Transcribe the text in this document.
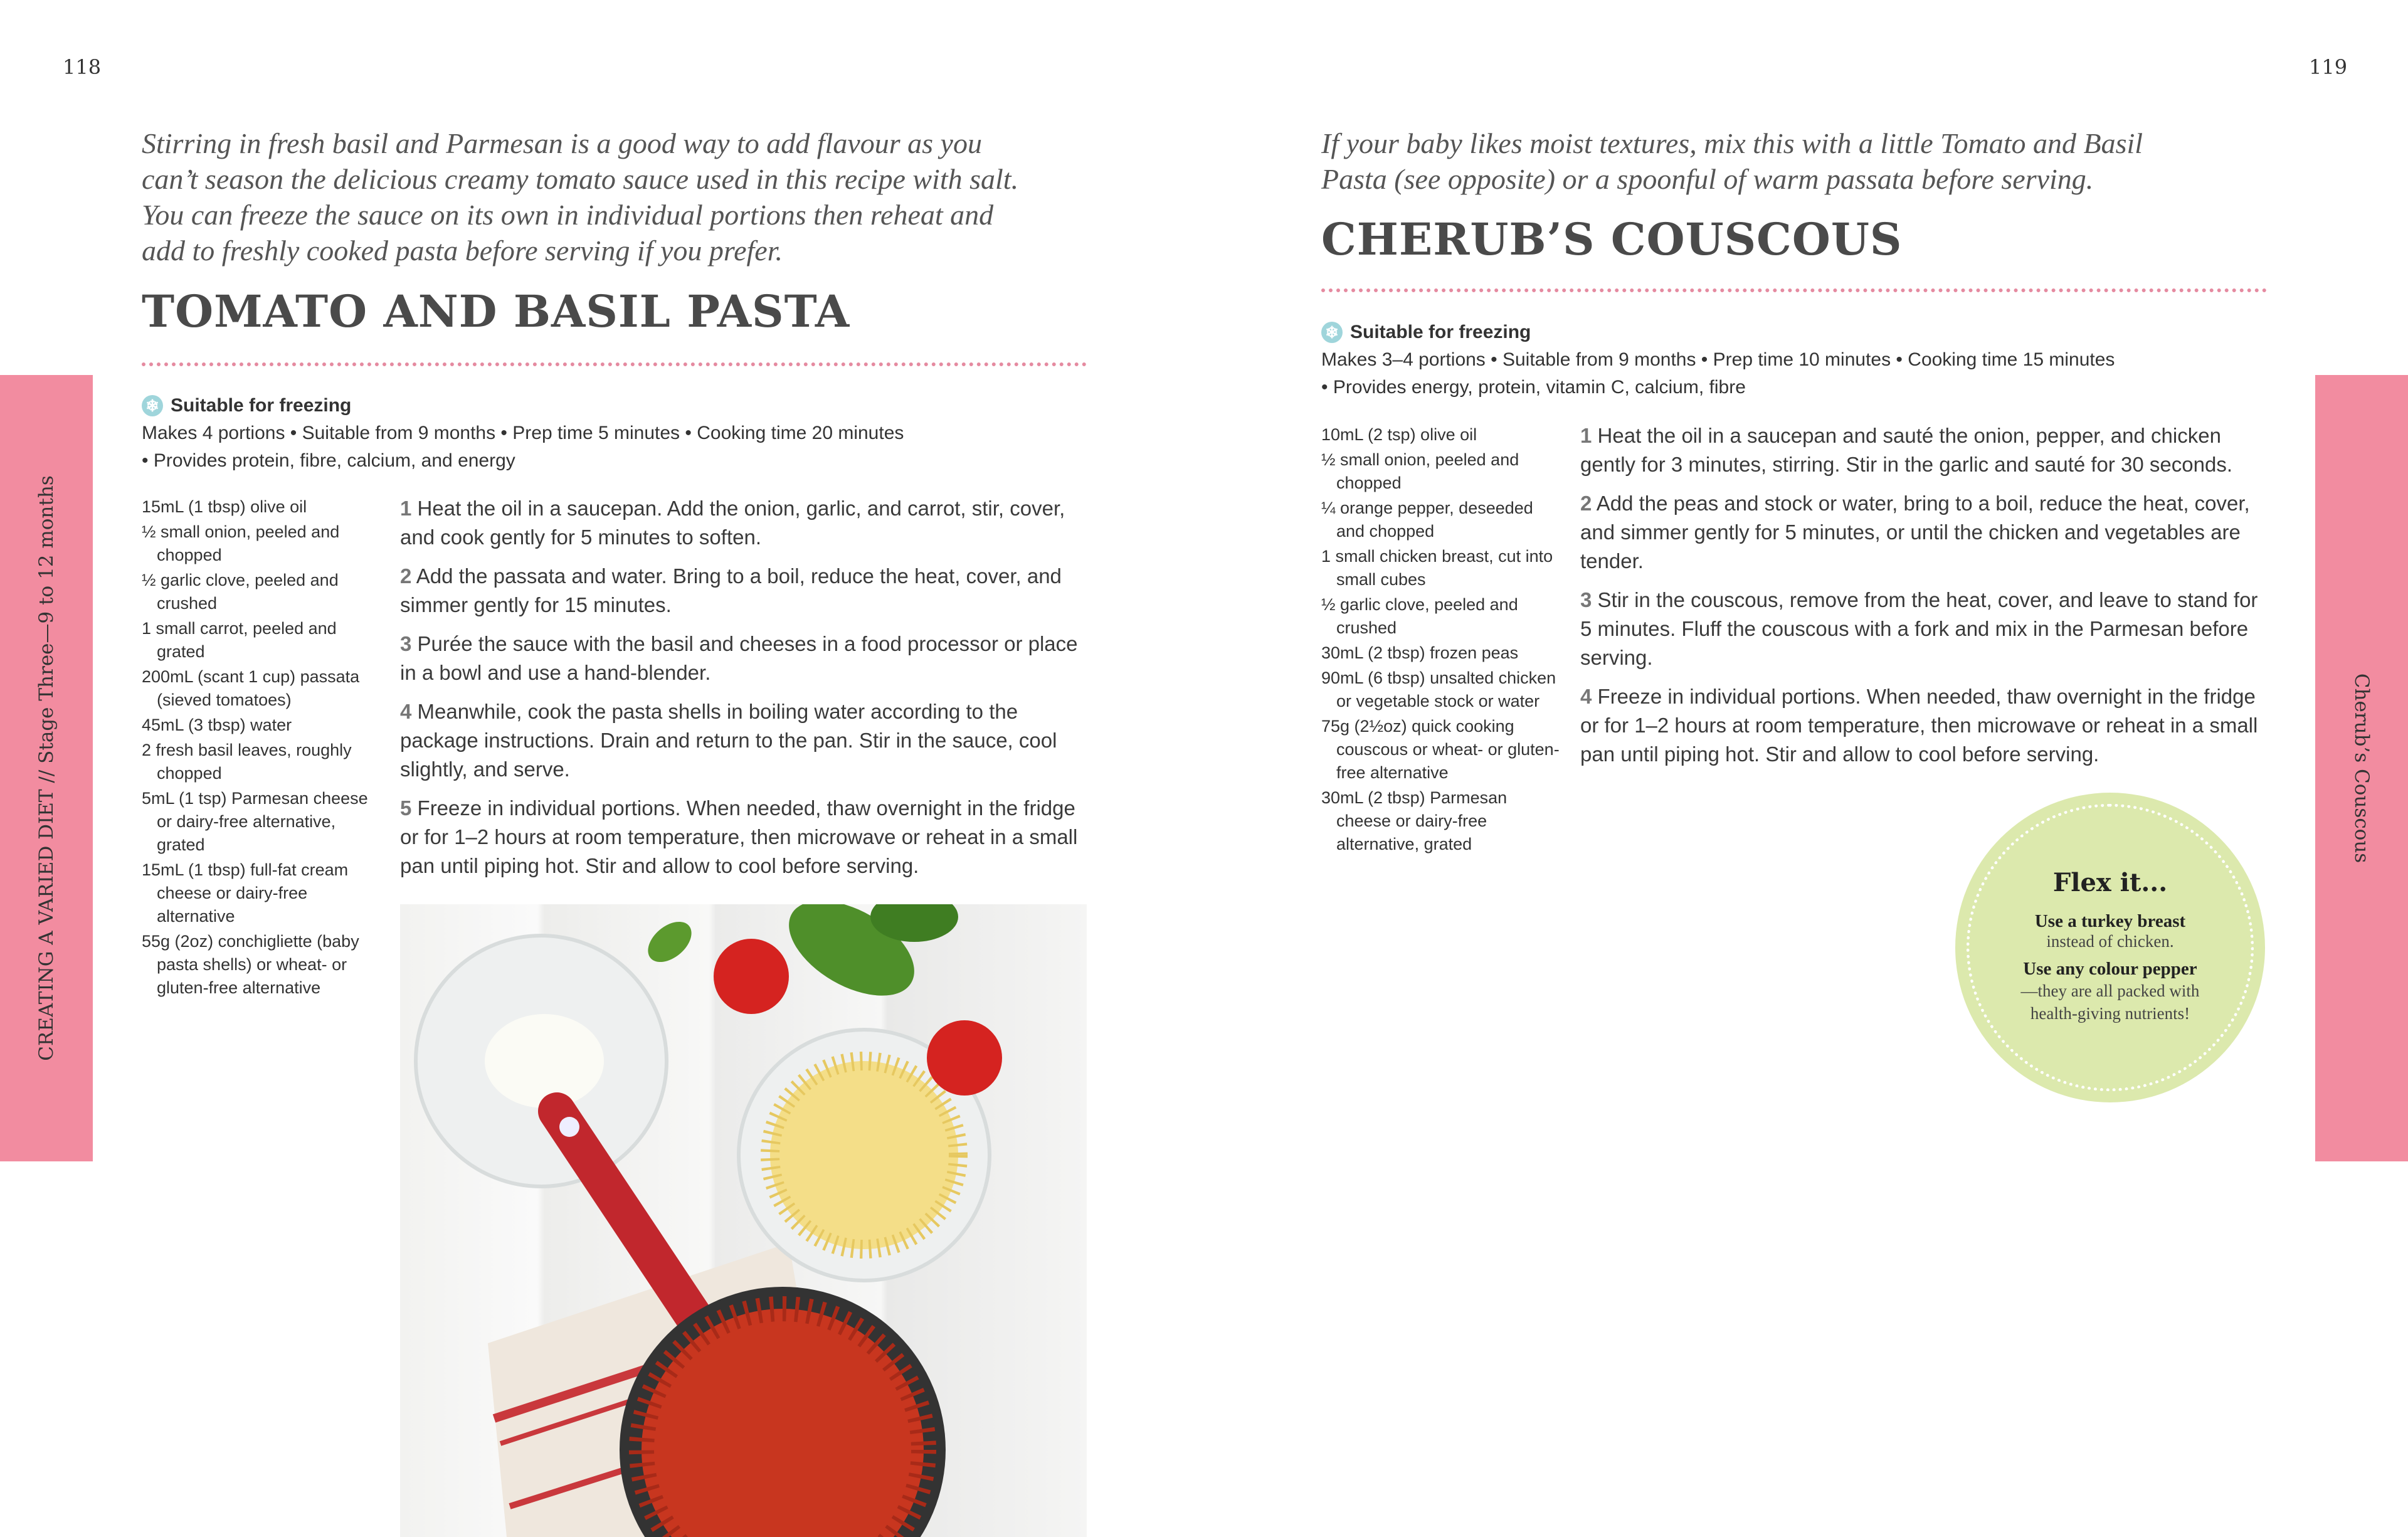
118
Stirring in fresh basil and Parmesan is a good way to add flavour as you can’t season the delicious creamy tomato sauce used in this recipe with salt. You can freeze the sauce on its own in individual portions then reheat and add to freshly cooked pasta before serving if you prefer.
TOMATO AND BASIL PASTA
❄ Suitable for freezing
Makes 4 portions • Suitable from 9 months • Prep time 5 minutes • Cooking time 20 minutes
• Provides protein, fibre, calcium, and energy
15mL (1 tbsp) olive oil
½ small onion, peeled and chopped
½ garlic clove, peeled and crushed
1 small carrot, peeled and grated
200mL (scant 1 cup) passata (sieved tomatoes)
45mL (3 tbsp) water
2 fresh basil leaves, roughly chopped
5mL (1 tsp) Parmesan cheese or dairy-free alternative, grated
15mL (1 tbsp) full-fat cream cheese or dairy-free alternative
55g (2oz) conchigliette (baby pasta shells) or wheat- or gluten-free alternative

1 Heat the oil in a saucepan. Add the onion, garlic, and carrot, stir, cover, and cook gently for 5 minutes to soften.

2 Add the passata and water. Bring to a boil, reduce the heat, cover, and simmer gently for 15 minutes.

3 Purée the sauce with the basil and cheeses in a food processor or place in a bowl and use a hand-blender.

4 Meanwhile, cook the pasta shells in boiling water according to the package instructions. Drain and return to the pan. Stir in the sauce, cool slightly, and serve.

5 Freeze in individual portions. When needed, thaw overnight in the fridge or for 1–2 hours at room temperature, then microwave or reheat in a small pan until piping hot. Stir and allow to cool before serving.

CREATING A VARIED DIET // Stage Three—9 to 12 months
119
If your baby likes moist textures, mix this with a little Tomato and Basil Pasta (see opposite) or a spoonful of warm passata before serving.
CHERUB’S COUSCOUS
❄ Suitable for freezing
Makes 3–4 portions • Suitable from 9 months • Prep time 10 minutes • Cooking time 15 minutes
• Provides energy, protein, vitamin C, calcium, fibre
10mL (2 tsp) olive oil
½ small onion, peeled and chopped
¼ orange pepper, deseeded and chopped
1 small chicken breast, cut into small cubes
½ garlic clove, peeled and crushed
30mL (2 tbsp) frozen peas
90mL (6 tbsp) unsalted chicken or vegetable stock or water
75g (2½oz) quick cooking couscous or wheat- or gluten-free alternative
30mL (2 tbsp) Parmesan cheese or dairy-free alternative, grated

1 Heat the oil in a saucepan and sauté the onion, pepper, and chicken gently for 3 minutes, stirring. Stir in the garlic and sauté for 30 seconds.

2 Add the peas and stock or water, bring to a boil, reduce the heat, cover, and simmer gently for 5 minutes, or until the chicken and vegetables are tender.

3 Stir in the couscous, remove from the heat, cover, and leave to stand for 5 minutes. Fluff the couscous with a fork and mix in the Parmesan before serving.

4 Freeze in individual portions. When needed, thaw overnight in the fridge or for 1–2 hours at room temperature, then microwave or reheat in a small pan until piping hot. Stir and allow to cool before serving.

Flex it...
Use a turkey breast
instead of chicken.
Use any colour pepper
—they are all packed with health-giving nutrients!
Cherub’s Couscous
